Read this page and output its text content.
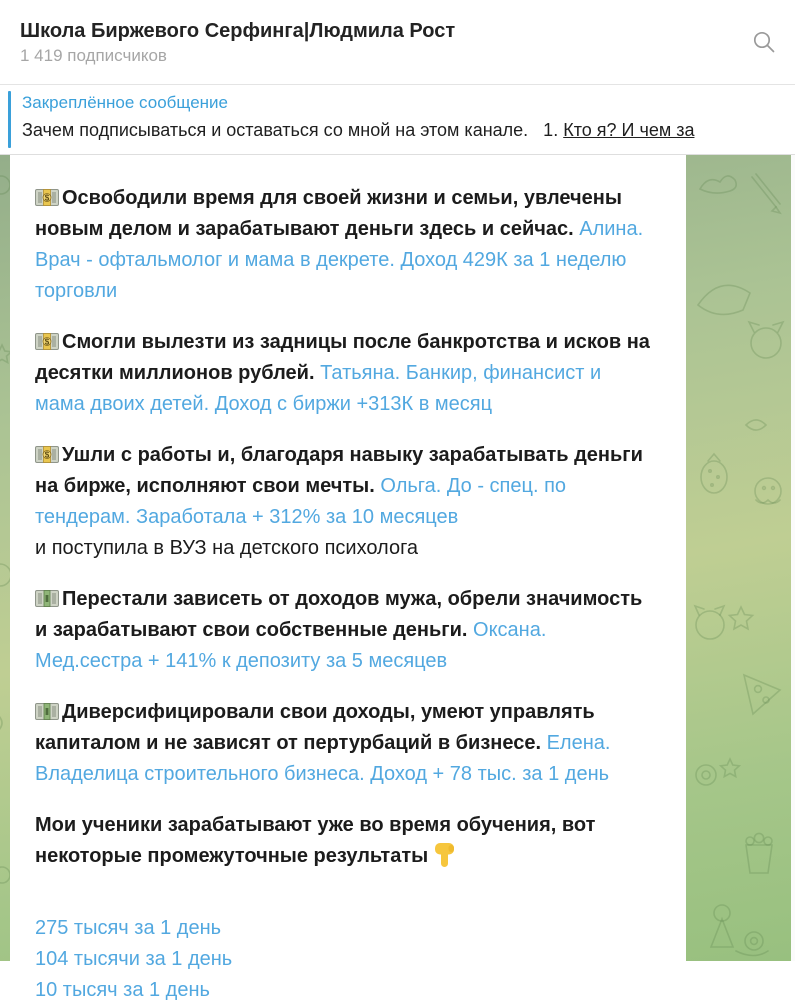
Школа Биржевого Серфинга|Людмила Рост
1 419 подписчиков
Закреплённое сообщение
Зачем подписываться и оставаться со мной на этом канале.   1. Кто я? И чем за

$ Освободили время для своей жизни и семьи, увлечены новым делом и зарабатывают деньги здесь и сейчас. Алина. Врач - офтальмолог и мама в декрете. Доход 429К за 1 неделю торговли

$ Смогли вылезти из задницы после банкротства и исков на десятки миллионов рублей. Татьяна. Банкир, финансист и мама двоих детей. Доход с биржи +313К в месяц

$ Ушли с работы и, благодаря навыку зарабатывать деньги на бирже, исполняют свои мечты. Ольга. До - спец. по тендерам. Заработала + 312% за 10 месяцев
и поступила в ВУЗ на детского психолога

Перестали зависеть от доходов мужа, обрели значимость и зарабатывают свои собственные деньги. Оксана. Мед.сестра + 141% к депозиту за 5 месяцев

Диверсифицировали свои доходы, умеют управлять капиталом и не зависят от пертурбаций в бизнесе. Елена. Владелица строительного бизнеса. Доход + 78 тыс. за 1 день

Мои ученики зарабатывают уже во время обучения, вот некоторые промежуточные результаты

275 тысяч за 1 день
104 тысячи за 1 день
10 тысяч за 1 день
